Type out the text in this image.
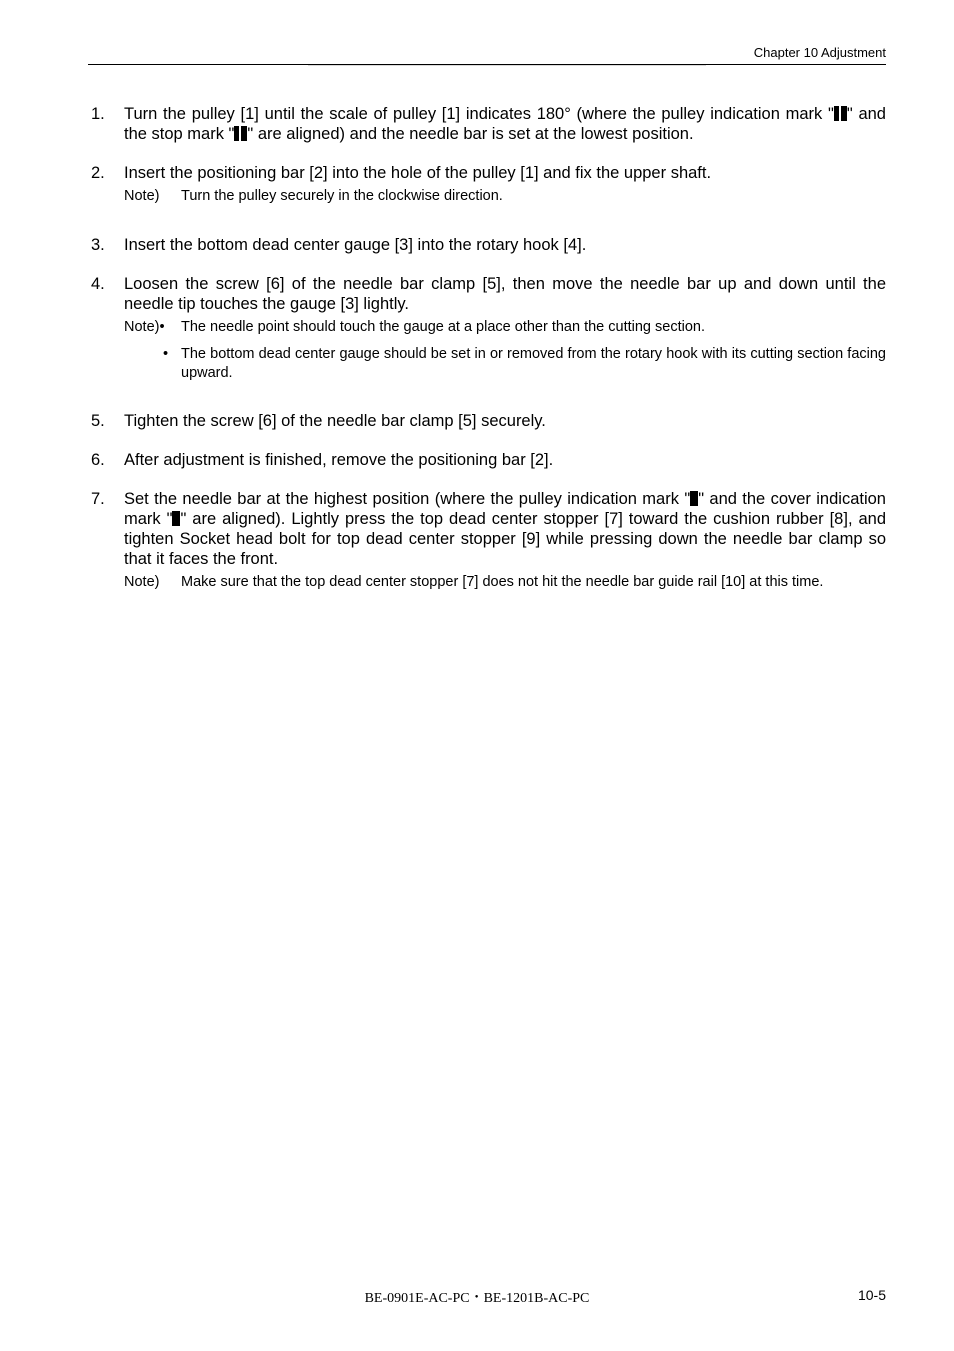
Chapter 10 Adjustment
1. Turn the pulley [1] until the scale of pulley [1] indicates 180° (where the pulley indication mark " " and the stop mark " " are aligned) and the needle bar is set at the lowest position.
2. Insert the positioning bar [2] into the hole of the pulley [1] and fix the upper shaft.
Note)	Turn the pulley securely in the clockwise direction.
3. Insert the bottom dead center gauge [3] into the rotary hook [4].
4. Loosen the screw [6] of the needle bar clamp [5], then move the needle bar up and down until the needle tip touches the gauge [3] lightly.
Note)•	The needle point should touch the gauge at a place other than the cutting section.
• The bottom dead center gauge should be set in or removed from the rotary hook with its cutting section facing upward.
5. Tighten the screw [6] of the needle bar clamp [5] securely.
6. After adjustment is finished, remove the positioning bar [2].
7. Set the needle bar at the highest position (where the pulley indication mark " " and the cover indication mark " " are aligned). Lightly press the top dead center stopper [7] toward the cushion rubber [8], and tighten Socket head bolt for top dead center stopper [9] while pressing down the needle bar clamp so that it faces the front.
Note)	Make sure that the top dead center stopper [7] does not hit the needle bar guide rail [10] at this time.
BE-0901E-AC-PC・BE-1201B-AC-PC	10-5
